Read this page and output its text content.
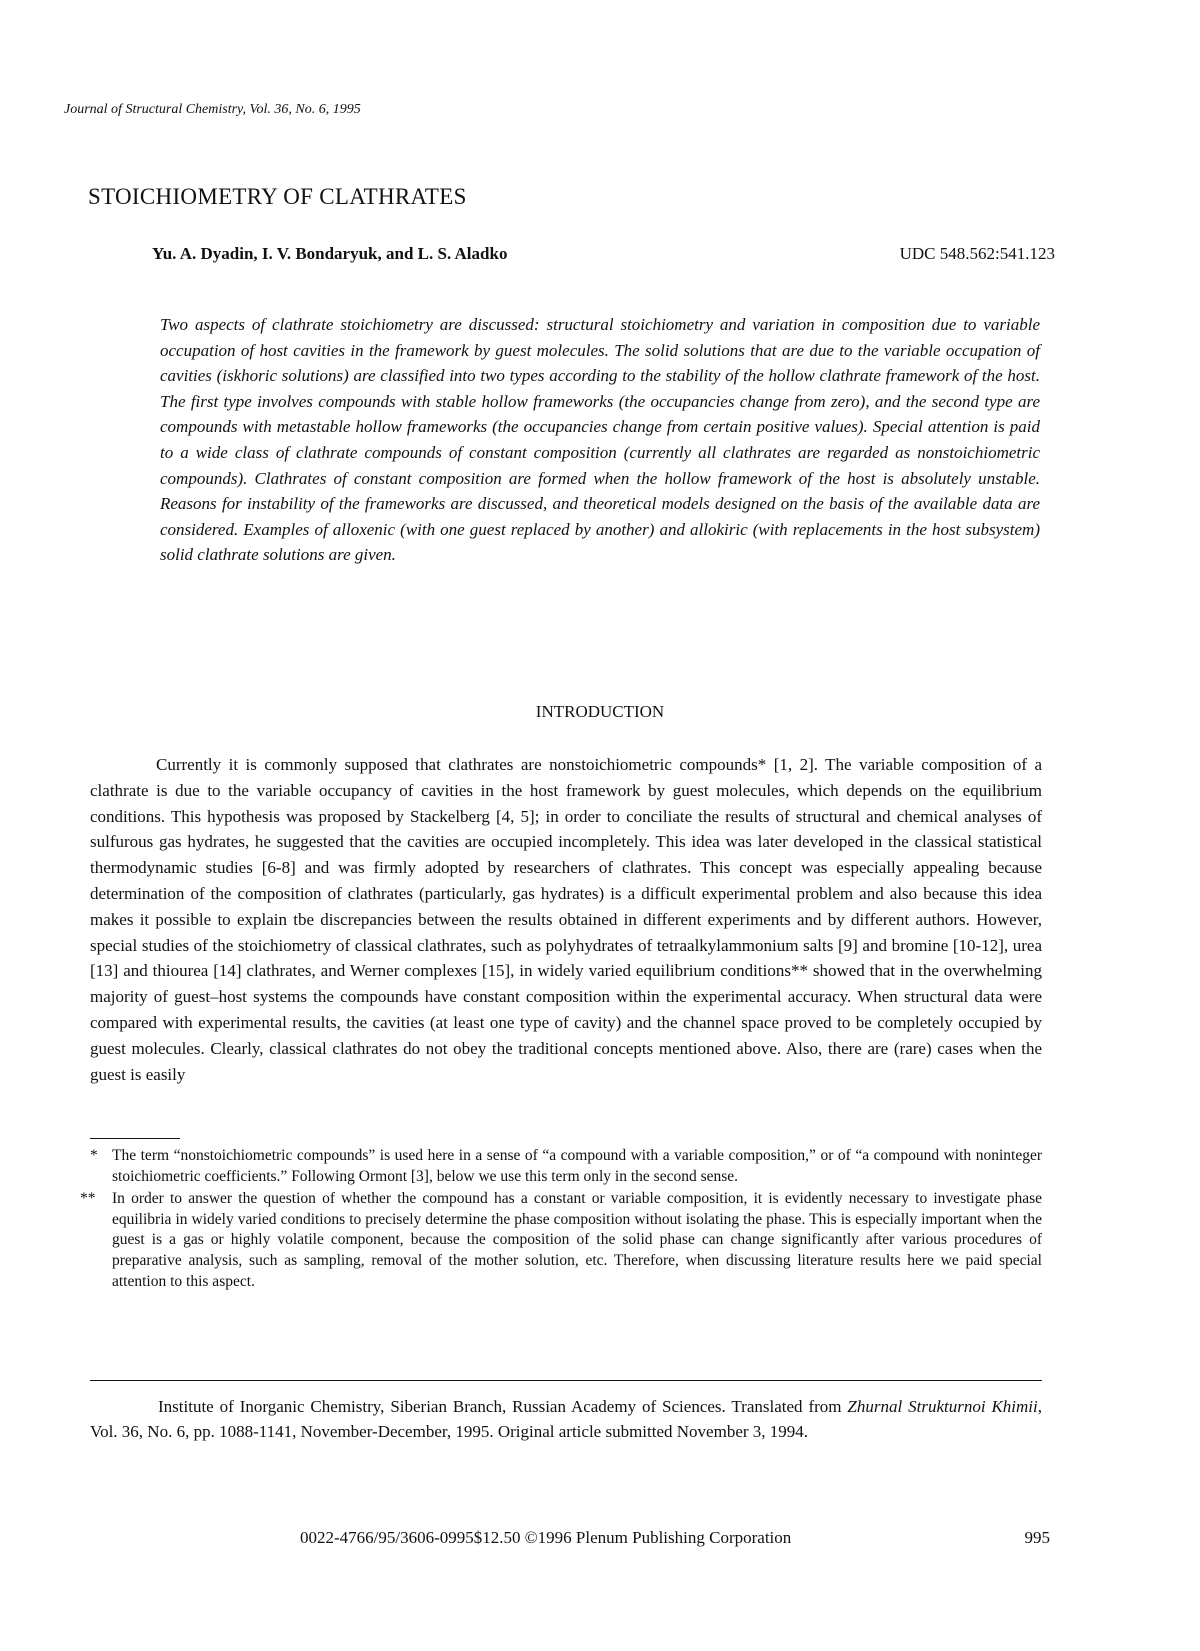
Journal of Structural Chemistry, Vol. 36, No. 6, 1995
STOICHIOMETRY OF CLATHRATES
Yu. A. Dyadin, I. V. Bondaryuk, and L. S. Aladko	UDC 548.562:541.123
Two aspects of clathrate stoichiometry are discussed: structural stoichiometry and variation in composition due to variable occupation of host cavities in the framework by guest molecules. The solid solutions that are due to the variable occupation of cavities (iskhoric solutions) are classified into two types according to the stability of the hollow clathrate framework of the host. The first type involves compounds with stable hollow frameworks (the occupancies change from zero), and the second type are compounds with metastable hollow frameworks (the occupancies change from certain positive values). Special attention is paid to a wide class of clathrate compounds of constant composition (currently all clathrates are regarded as nonstoichiometric compounds). Clathrates of constant composition are formed when the hollow framework of the host is absolutely unstable. Reasons for instability of the frameworks are discussed, and theoretical models designed on the basis of the available data are considered. Examples of alloxenic (with one guest replaced by another) and allokiric (with replacements in the host subsystem) solid clathrate solutions are given.
INTRODUCTION

Currently it is commonly supposed that clathrates are nonstoichiometric compounds* [1, 2]. The variable composition of a clathrate is due to the variable occupancy of cavities in the host framework by guest molecules, which depends on the equilibrium conditions. This hypothesis was proposed by Stackelberg [4, 5]; in order to conciliate the results of structural and chemical analyses of sulfurous gas hydrates, he suggested that the cavities are occupied incompletely. This idea was later developed in the classical statistical thermodynamic studies [6-8] and was firmly adopted by researchers of clathrates. This concept was especially appealing because determination of the composition of clathrates (particularly, gas hydrates) is a difficult experimental problem and also because this idea makes it possible to explain tbe discrepancies between the results obtained in different experiments and by different authors. However, special studies of the stoichiometry of classical clathrates, such as polyhydrates of tetraalkylammonium salts [9] and bromine [10-12], urea [13] and thiourea [14] clathrates, and Werner complexes [15], in widely varied equilibrium conditions** showed that in the overwhelming majority of guest–host systems the compounds have constant composition within the experimental accuracy. When structural data were compared with experimental results, the cavities (at least one type of cavity) and the channel space proved to be completely occupied by guest molecules. Clearly, classical clathrates do not obey the traditional concepts mentioned above. Also, there are (rare) cases when the guest is easily

* The term “nonstoichiometric compounds” is used here in a sense of “a compound with a variable composition,” or of “a compound with noninteger stoichiometric coefficients.” Following Ormont [3], below we use this term only in the second sense.
** In order to answer the question of whether the compound has a constant or variable composition, it is evidently necessary to investigate phase equilibria in widely varied conditions to precisely determine the phase composition without isolating the phase. This is especially important when the guest is a gas or highly volatile component, because the composition of the solid phase can change significantly after various procedures of preparative analysis, such as sampling, removal of the mother solution, etc. Therefore, when discussing literature results here we paid special attention to this aspect.

Institute of Inorganic Chemistry, Siberian Branch, Russian Academy of Sciences. Translated from Zhurnal Strukturnoi Khimii, Vol. 36, No. 6, pp. 1088-1141, November-December, 1995. Original article submitted November 3, 1994.

0022-4766/95/3606-0995$12.50 ©1996 Plenum Publishing Corporation	995
